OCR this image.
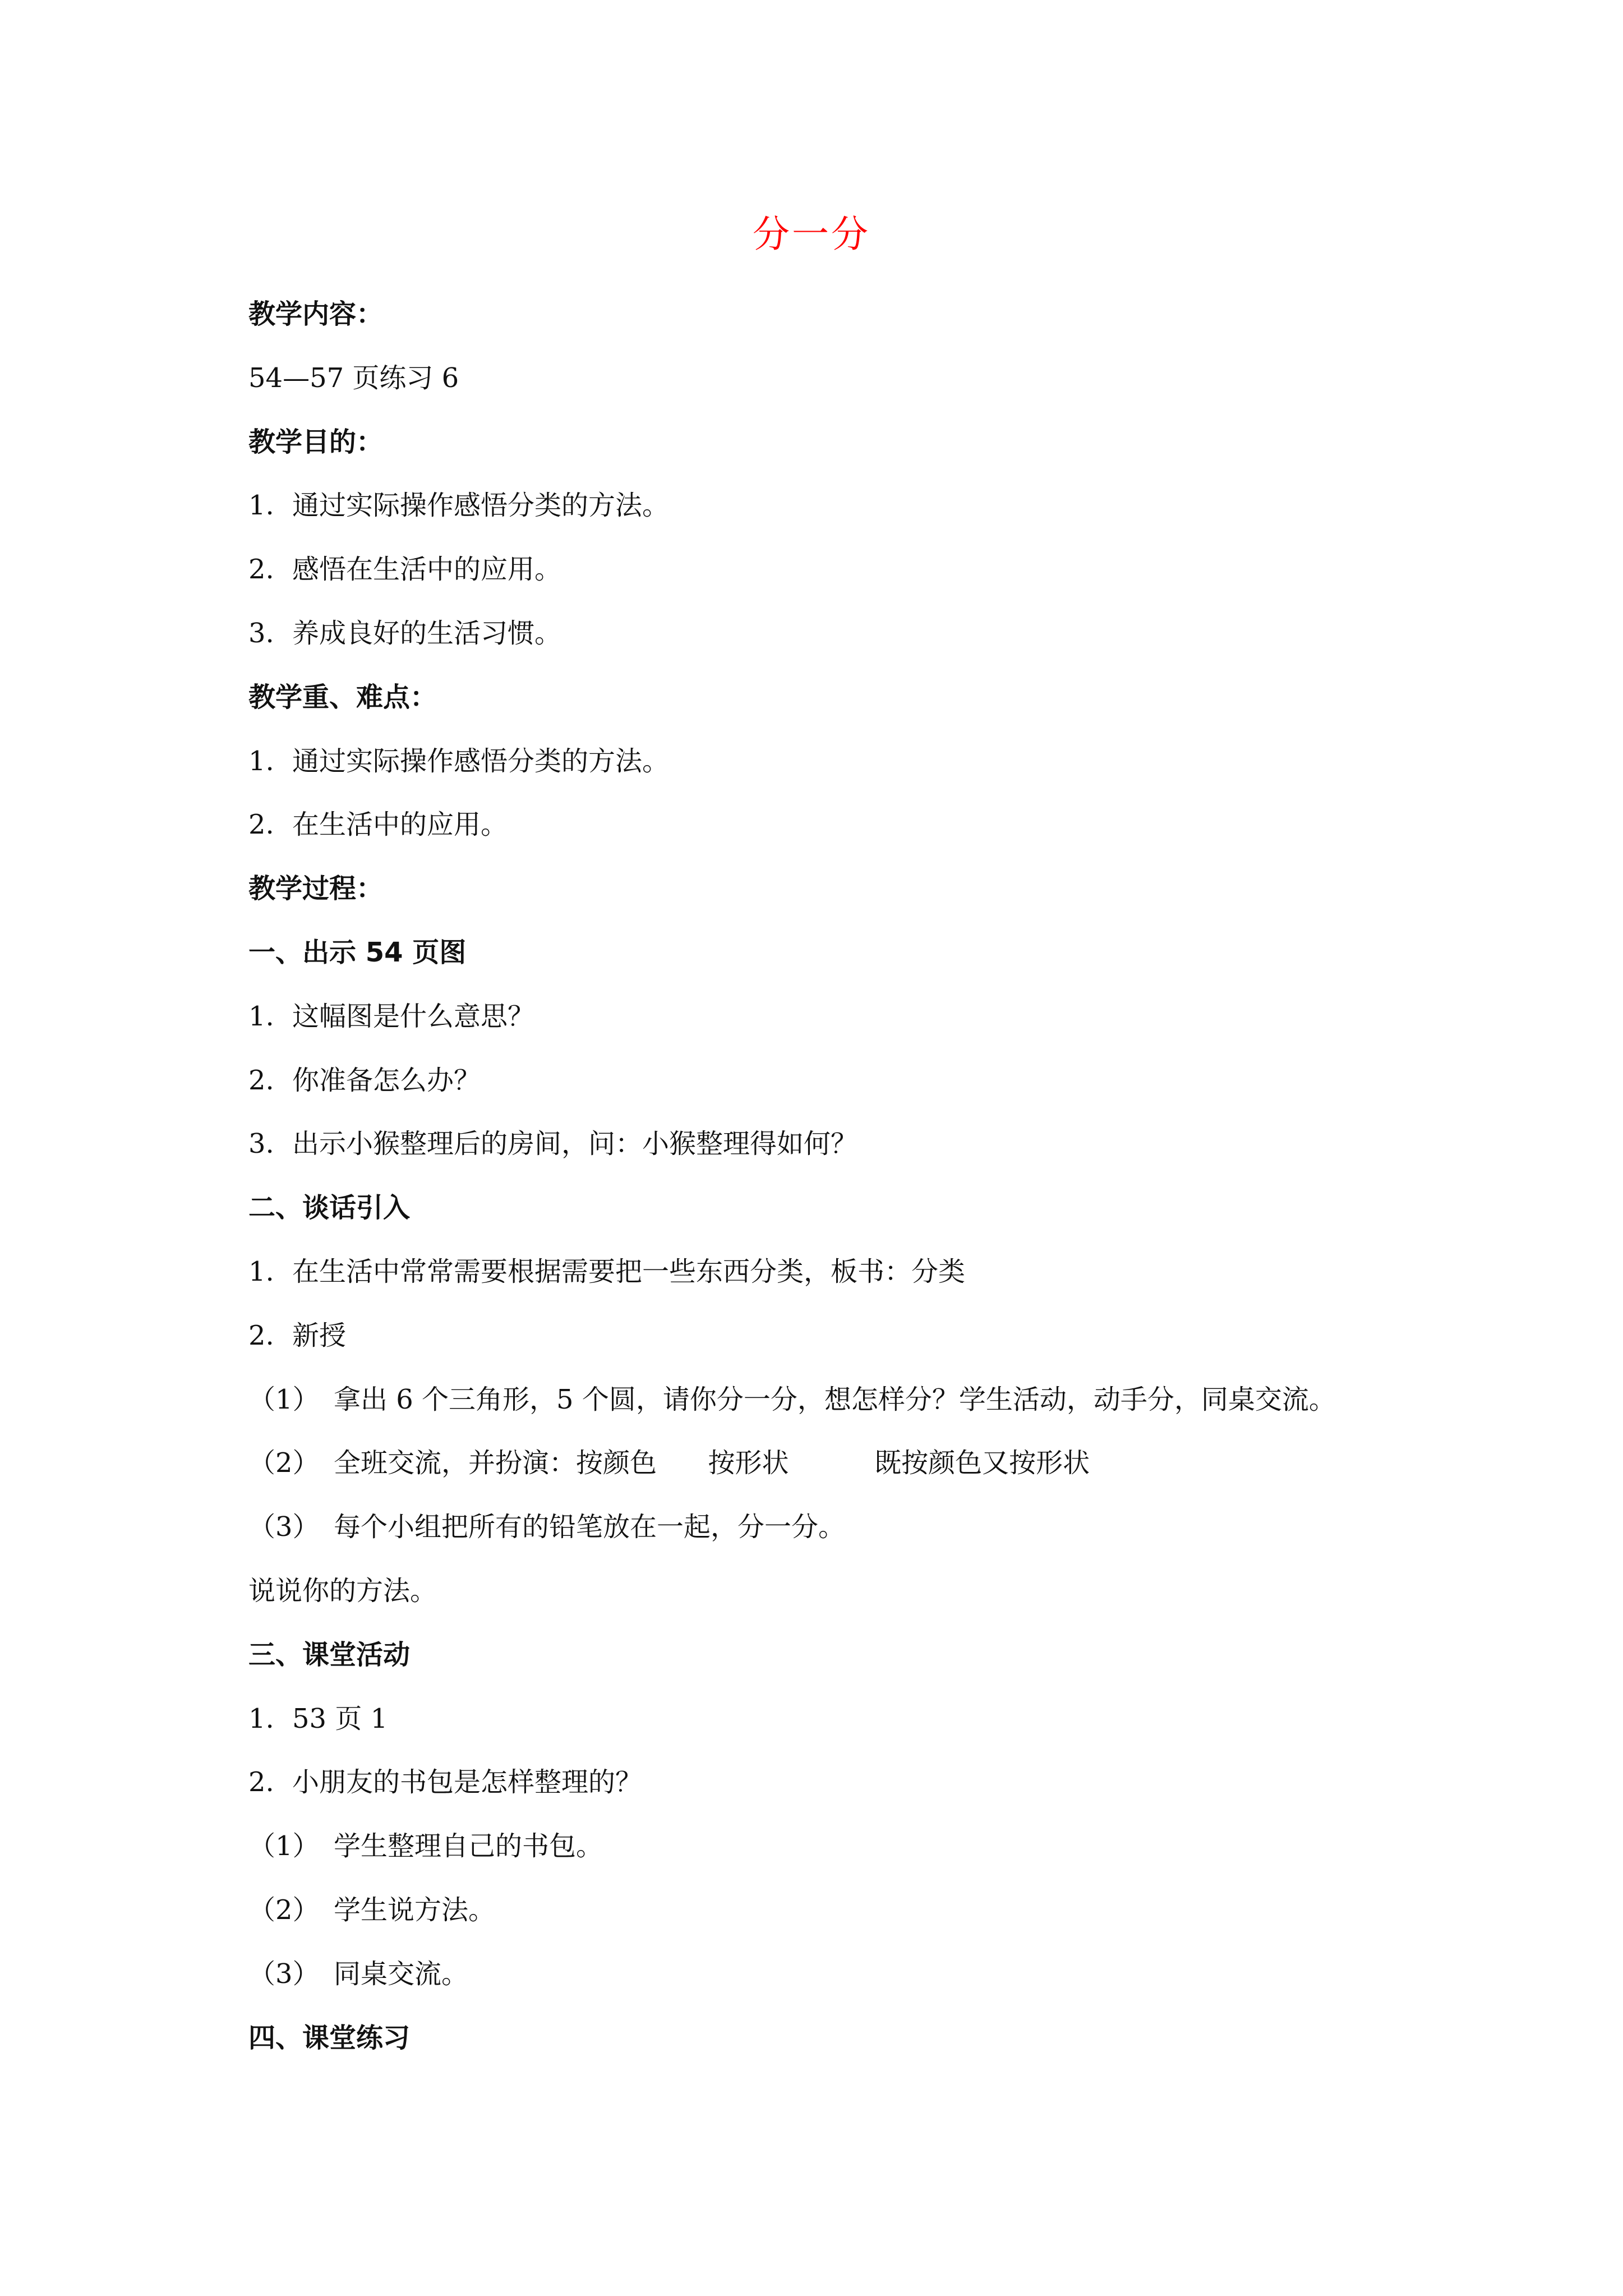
分一分
教学内容：
54—57 页练习 6
教学目的：
1. 通过实际操作感悟分类的方法。
2. 感悟在生活中的应用。
3. 养成良好的生活习惯。
教学重、难点：
1. 通过实际操作感悟分类的方法。
2. 在生活中的应用。
教学过程：
一、出示 54 页图
1. 这幅图是什么意思？
2. 你准备怎么办？
3. 出示小猴整理后的房间，问：小猴整理得如何？
二、谈话引入
1. 在生活中常常需要根据需要把一些东西分类，板书：分类
2. 新授
（1） 拿出 6 个三角形，5 个圆，请你分一分，想怎样分？学生活动，动手分，同桌交流。
（2） 全班交流，并扮演：按颜色      按形状          既按颜色又按形状
（3） 每个小组把所有的铅笔放在一起，分一分。
说说你的方法。
三、课堂活动
1. 53 页 1
2. 小朋友的书包是怎样整理的？
（1） 学生整理自己的书包。
（2） 学生说方法。
（3） 同桌交流。
四、课堂练习
